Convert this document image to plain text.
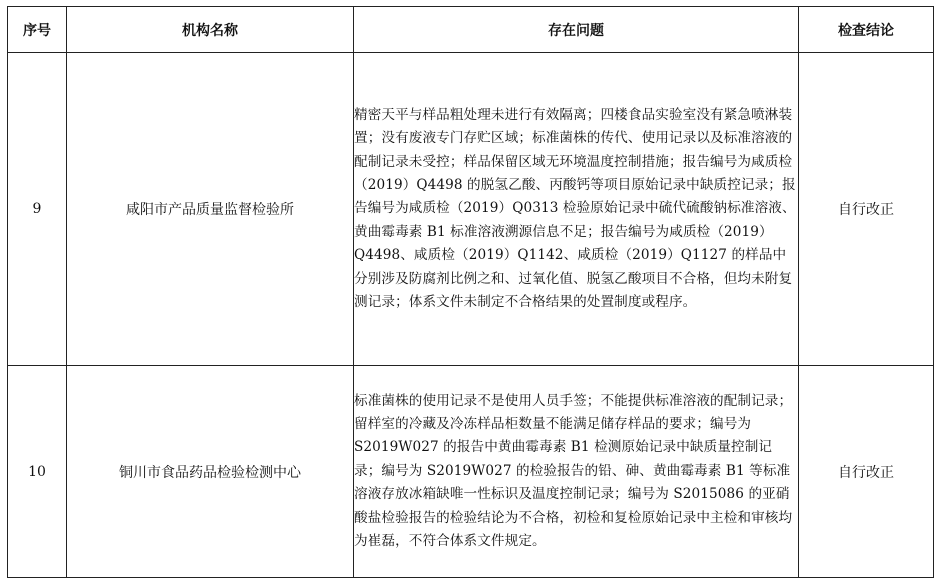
序号	机构名称	存在问题	检查结论
9	咸阳市产品质量监督检验所	精密天平与样品粗处理未进行有效隔离；四楼食品实验室没有紧急喷淋装置；没有废液专门存贮区域；标准菌株的传代、使用记录以及标准溶液的配制记录未受控；样品保留区域无环境温度控制措施；报告编号为咸质检（2019）Q4498 的脱氢乙酸、丙酸钙等项目原始记录中缺质控记录；报告编号为咸质检（2019）Q0313 检验原始记录中硫代硫酸钠标准溶液、黄曲霉毒素 B1 标准溶液溯源信息不足；报告编号为咸质检（2019）Q4498、咸质检（2019）Q1142、咸质检（2019）Q1127 的样品中分别涉及防腐剂比例之和、过氧化值、脱氢乙酸项目不合格，但均未附复测记录；体系文件未制定不合格结果的处置制度或程序。	自行改正
10	铜川市食品药品检验检测中心	标准菌株的使用记录不是使用人员手签；不能提供标准溶液的配制记录；留样室的冷藏及冷冻样品柜数量不能满足储存样品的要求；编号为 S2019W027 的报告中黄曲霉毒素 B1 检测原始记录中缺质量控制记录；编号为 S2019W027 的检验报告的铅、砷、黄曲霉毒素 B1 等标准溶液存放冰箱缺唯一性标识及温度控制记录；编号为 S2015086 的亚硝酸盐检验报告的检验结论为不合格，初检和复检原始记录中主检和审核均为崔磊，不符合体系文件规定。	自行改正
